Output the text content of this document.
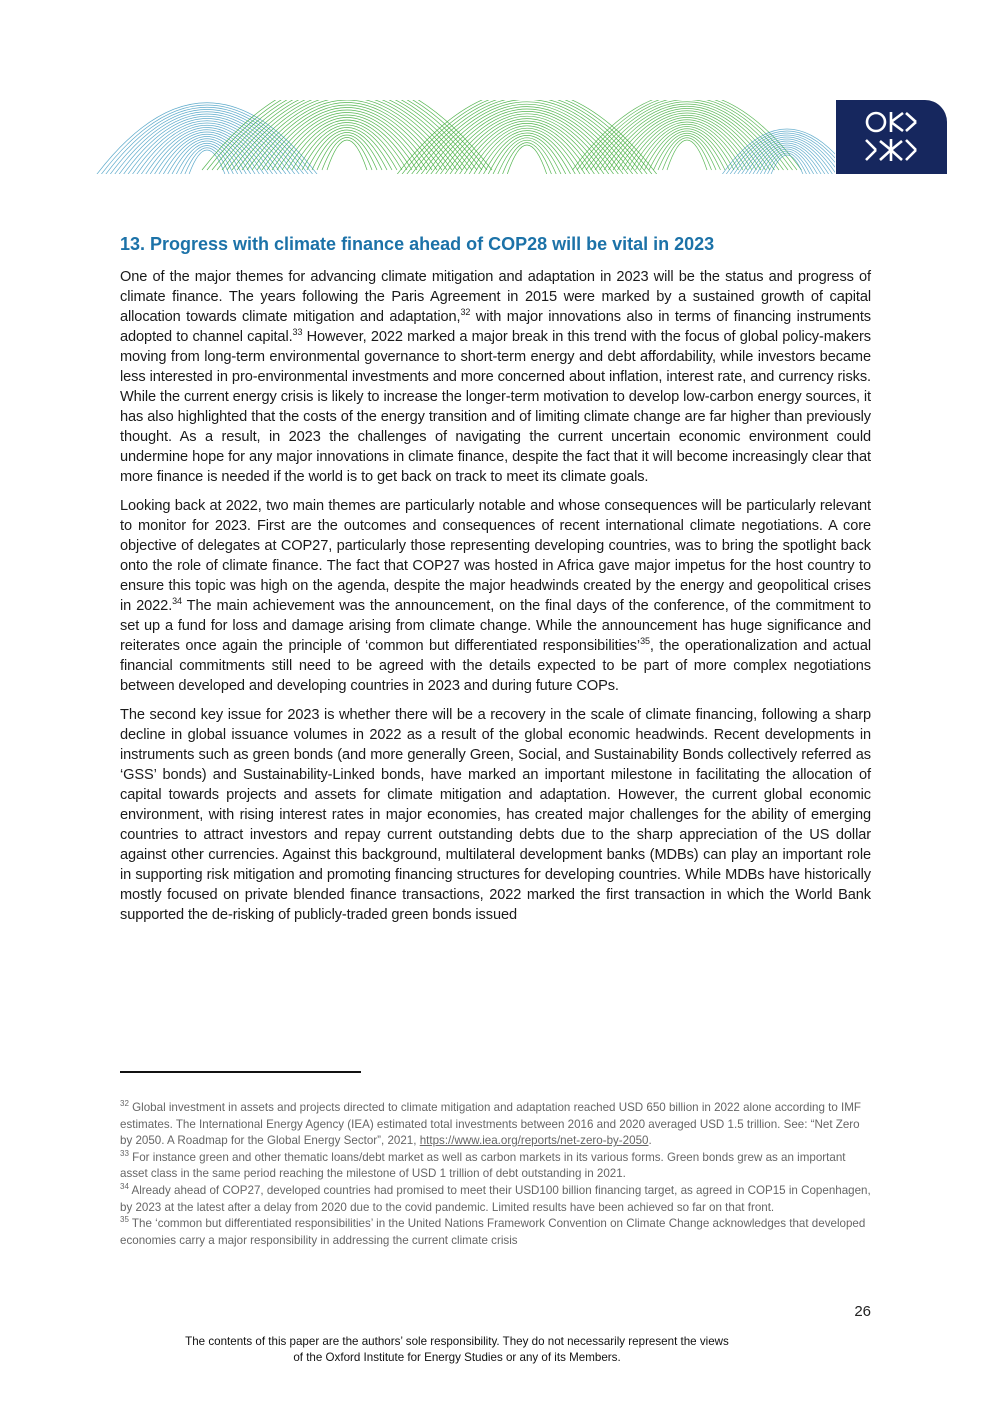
13. Progress with climate finance ahead of COP28 will be vital in 2023

One of the major themes for advancing climate mitigation and adaptation in 2023 will be the status and progress of climate finance. The years following the Paris Agreement in 2015 were marked by a sustained growth of capital allocation towards climate mitigation and adaptation,$^{32}$ with major innovations also in terms of financing instruments adopted to channel capital.$^{33}$ However, 2022 marked a major break in this trend with the focus of global policy-makers moving from long-term environmental governance to short-term energy and debt affordability, while investors became less interested in pro-environmental investments and more concerned about inflation, interest rate, and currency risks. While the current energy crisis is likely to increase the longer-term motivation to develop low-carbon energy sources, it has also highlighted that the costs of the energy transition and of limiting climate change are far higher than previously thought. As a result, in 2023 the challenges of navigating the current uncertain economic environment could undermine hope for any major innovations in climate finance, despite the fact that it will become increasingly clear that more finance is needed if the world is to get back on track to meet its climate goals.

Looking back at 2022, two main themes are particularly notable and whose consequences will be particularly relevant to monitor for 2023. First are the outcomes and consequences of recent international climate negotiations. A core objective of delegates at COP27, particularly those representing developing countries, was to bring the spotlight back onto the role of climate finance. The fact that COP27 was hosted in Africa gave major impetus for the host country to ensure this topic was high on the agenda, despite the major headwinds created by the energy and geopolitical crises in 2022.34 The main achievement was the announcement, on the final days of the conference, of the commitment to set up a fund for loss and damage arising from climate change. While the announcement has huge significance and reiterates once again the principle of ‘common but differentiated responsibilities’$^{35}$, the operationalization and actual financial commitments still need to be agreed with the details expected to be part of more complex negotiations between developed and developing countries in 2023 and during future COPs.

The second key issue for 2023 is whether there will be a recovery in the scale of climate financing, following a sharp decline in global issuance volumes in 2022 as a result of the global economic headwinds. Recent developments in instruments such as green bonds (and more generally Green, Social, and Sustainability Bonds collectively referred as ‘GSS’ bonds) and Sustainability-Linked bonds, have marked an important milestone in facilitating the allocation of capital towards projects and assets for climate mitigation and adaptation. However, the current global economic environment, with rising interest rates in major economies, has created major challenges for the ability of emerging countries to attract investors and repay current outstanding debts due to the sharp appreciation of the US dollar against other currencies. Against this background, multilateral development banks (MDBs) can play an important role in supporting risk mitigation and promoting financing structures for developing countries. While MDBs have historically mostly focused on private blended finance transactions, 2022 marked the first transaction in which the World Bank supported the de-risking of publicly-traded green bonds issued

$^{32}$ Global investment in assets and projects directed to climate mitigation and adaptation reached USD 650 billion in 2022 alone according to IMF estimates. The International Energy Agency (IEA) estimated total investments between 2016 and 2020 averaged USD 1.5 trillion. See: “Net Zero by 2050. A Roadmap for the Global Energy Sector”, 2021, https://www.iea.org/reports/net-zero-by-2050.

$^{33}$ For instance green and other thematic loans/debt market as well as carbon markets in its various forms. Green bonds grew as an important asset class in the same period reaching the milestone of USD 1 trillion of debt outstanding in 2021.

$^{34}$ Already ahead of COP27, developed countries had promised to meet their USD100 billion financing target, as agreed in COP15 in Copenhagen, by 2023 at the latest after a delay from 2020 due to the covid pandemic. Limited results have been achieved so far on that front.

$^{35}$ The ‘common but differentiated responsibilities’ in the United Nations Framework Convention on Climate Change acknowledges that developed economies carry a major responsibility in addressing the current climate crisis

26
The contents of this paper are the authors’ sole responsibility. They do not necessarily represent the views
of the Oxford Institute for Energy Studies or any of its Members.
